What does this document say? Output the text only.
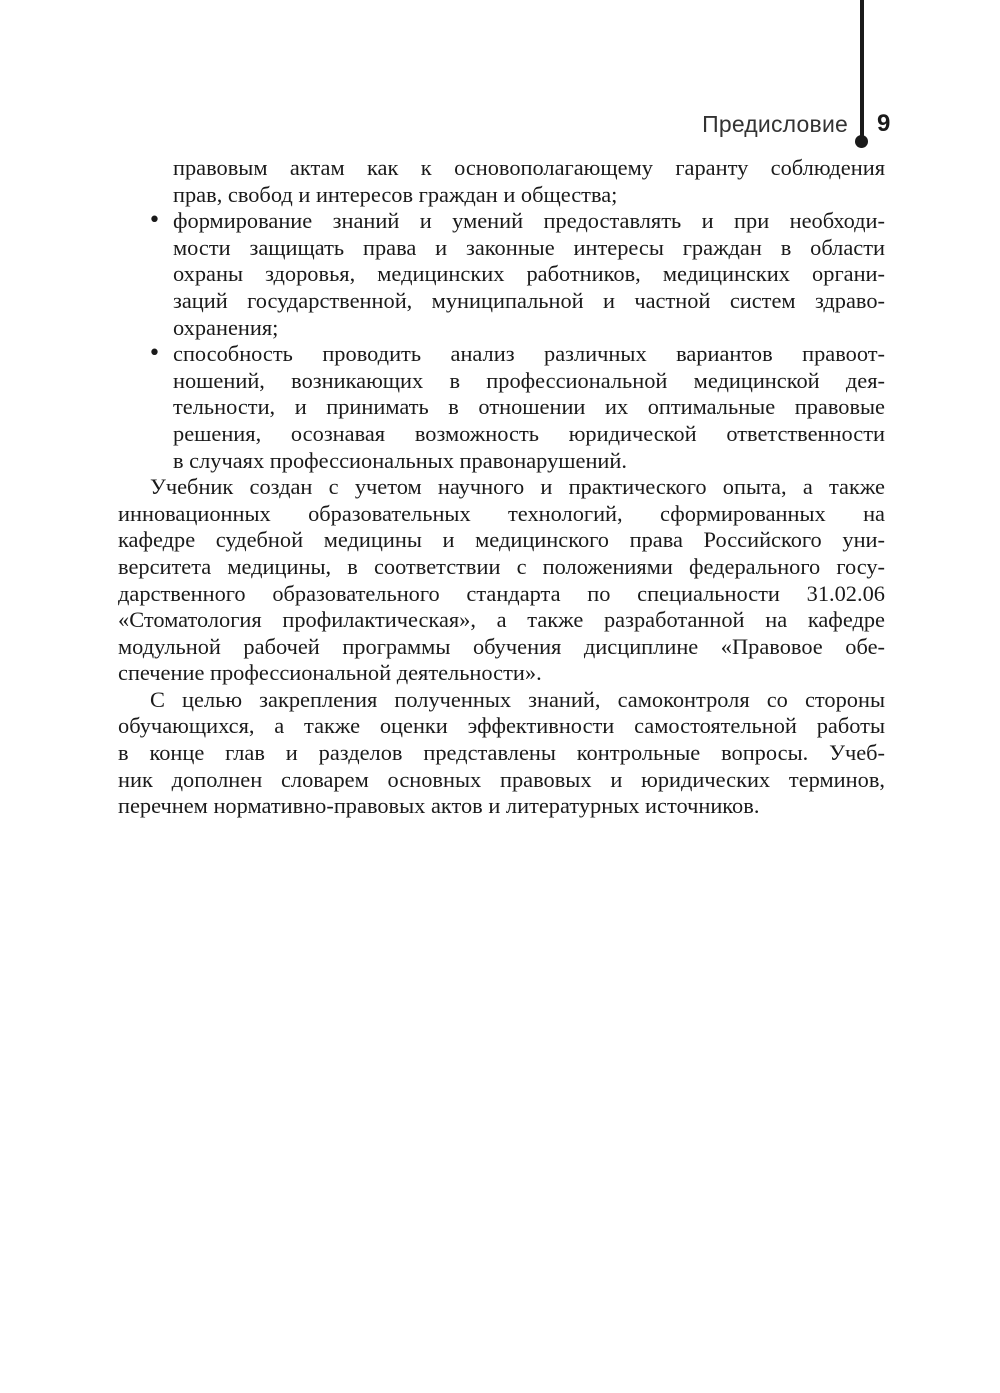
Предисловие 9
правовым актам как к основополагающему гаранту соблюдения
прав, свобод и интересов граждан и общества;
• формирование знаний и умений предоставлять и при необходи-
мости защищать права и законные интересы граждан в области
охраны здоровья, медицинских работников, медицинских органи-
заций государственной, муниципальной и частной систем здраво-
охранения;
• способность проводить анализ различных вариантов правоот-
ношений, возникающих в профессиональной медицинской дея-
тельности, и принимать в отношении их оптимальные правовые
решения, осознавая возможность юридической ответственности
в случаях профессиональных правонарушений.
Учебник создан с учетом научного и практического опыта, а также
инновационных образовательных технологий, сформированных на
кафедре судебной медицины и медицинского права Российского уни-
верситета медицины, в соответствии с положениями федерального госу-
дарственного образовательного стандарта по специальности 31.02.06
«Стоматология профилактическая», а также разработанной на кафедре
модульной рабочей программы обучения дисциплине «Правовое обе-
спечение профессиональной деятельности».
С целью закрепления полученных знаний, самоконтроля со стороны
обучающихся, а также оценки эффективности самостоятельной работы
в конце глав и разделов представлены контрольные вопросы. Учеб-
ник дополнен словарем основных правовых и юридических терминов,
перечнем нормативно-правовых актов и литературных источников.
